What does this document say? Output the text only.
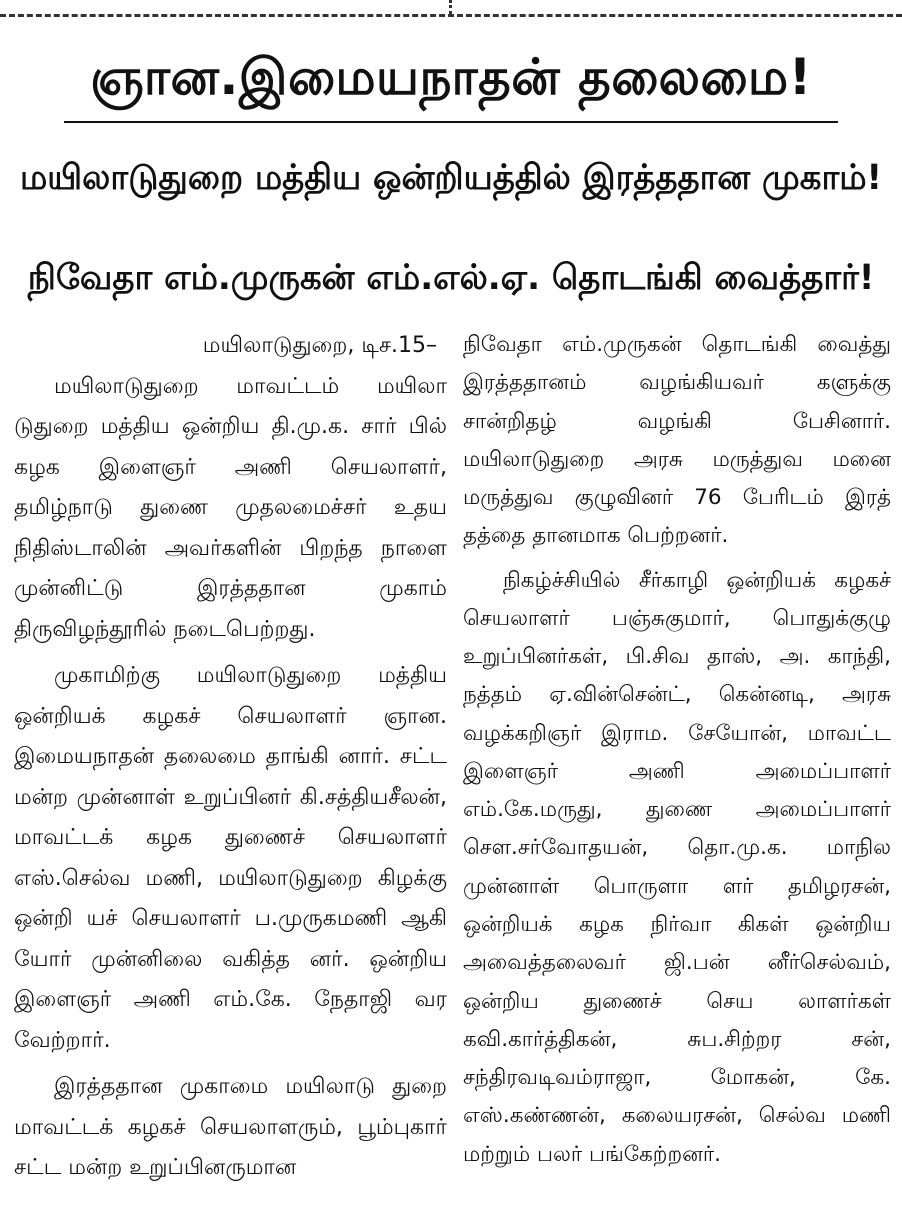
ஞான.இமையநாதன் தலைமை!
மயிலாடுதுறை மத்திய ஒன்றியத்தில் இரத்ததான முகாம்!
நிவேதா எம்.முருகன் எம்.எல்.ஏ. தொடங்கி வைத்தார்!
மயிலாடுதுறை, டிச.15–
மயிலாடுதுறை மாவட்டம் மயிலா டுதுறை மத்திய ஒன்றிய தி.மு.க. சார் பில் கழக இளைஞர் அணி செயலாளர், தமிழ்நாடு துணை முதலமைச்சர் உதய நிதிஸ்டாலின் அவர்களின் பிறந்த நாளை முன்னிட்டு இரத்ததான முகாம் திருவிழந்தூரில் நடைபெற்றது.
முகாமிற்கு மயிலாடுதுறை மத்திய ஒன்றியக் கழகச் செயலாளர் ஞான. இமையநாதன் தலைமை தாங்கி னார். சட்ட மன்ற முன்னாள் உறுப்பினர் கி.சத்தியசீலன், மாவட்டக் கழக துணைச் செயலாளர் எஸ்.செல்வ மணி, மயிலாடுதுறை கிழக்கு ஒன்றி யச் செயலாளர் ப.முருகமணி ஆகி யோர் முன்னிலை வகித்த னர். ஒன்றிய இளைஞர் அணி எம்.கே. நேதாஜி வர வேற்றார்.
இரத்ததான முகாமை மயிலாடு துறை மாவட்டக் கழகச் செயலாளரும், பூம்புகார் சட்ட மன்ற உறுப்பினருமான
நிவேதா எம்.முருகன் தொடங்கி வைத்து இரத்ததானம் வழங்கியவர் களுக்கு சான்றிதழ் வழங்கி பேசினார். மயிலாடுதுறை அரசு மருத்துவ மனை மருத்துவ குழுவினர் 76 பேரிடம் இரத் தத்தை தானமாக பெற்றனர்.
நிகழ்ச்சியில் சீர்காழி ஒன்றியக் கழகச் செயலாளர் பஞ்சுகுமார், பொதுக்குழு உறுப்பினர்கள், பி.சிவ தாஸ், அ. காந்தி, நத்தம் ஏ.வின்சென்ட், கென்னடி, அரசு வழக்கறிஞர் இராம. சேயோன், மாவட்ட இளைஞர் அணி அமைப்பாளர் எம்.கே.மருது, துணை அமைப்பாளர் சௌ.சர்வோதயன், தொ.மு.க. மாநில முன்னாள் பொருளா ளர் தமிழரசன், ஒன்றியக் கழக நிர்வா கிகள் ஒன்றிய அவைத்தலைவர் ஜி.பன் னீர்செல்வம், ஒன்றிய துணைச் செய லாளர்கள் கவி.கார்த்திகன், சுப.சிற்றர சன், சந்திரவடிவம்ராஜா, மோகன், கே. எஸ்.கண்ணன், கலையரசன், செல்வ மணி மற்றும் பலர் பங்கேற்றனர்.
